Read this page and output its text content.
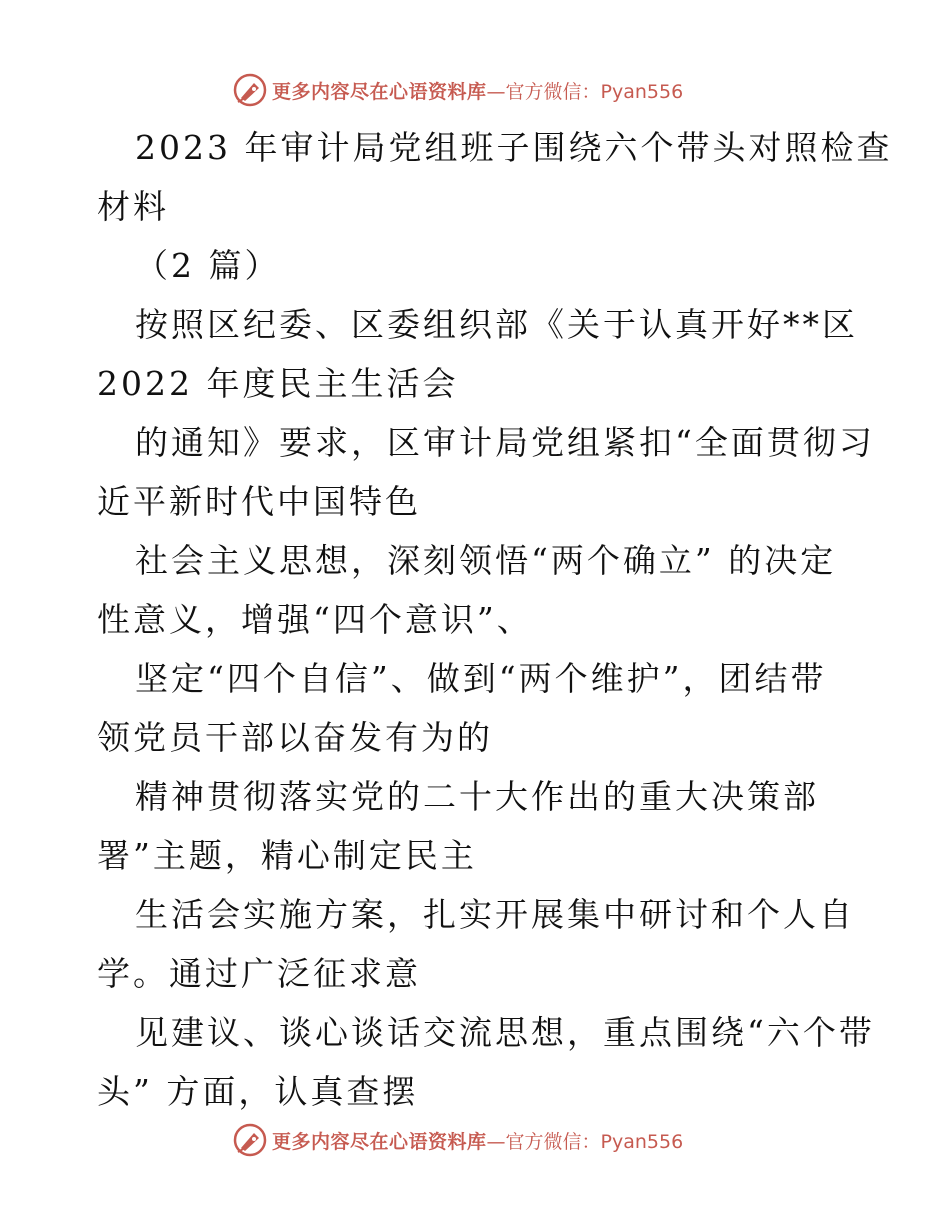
更多内容尽在心语资料库 —官方微信：Pyan556
2023 年审计局党组班子围绕六个带头对照检查
材料
（2 篇）
按照区纪委、区委组织部《关于认真开好**区
2022 年度民主生活会
的通知》要求，区审计局党组紧扣“全面贯彻习
近平新时代中国特色
社会主义思想，深刻领悟“两个确立” 的决定
性意义，增强“四个意识”、
坚定“四个自信”、做到“两个维护”，团结带
领党员干部以奋发有为的
精神贯彻落实党的二十大作出的重大决策部
署”主题，精心制定民主
生活会实施方案，扎实开展集中研讨和个人自
学。通过广泛征求意
见建议、谈心谈话交流思想，重点围绕“六个带
头” 方面，认真查摆
更多内容尽在心语资料库 —官方微信：Pyan556
